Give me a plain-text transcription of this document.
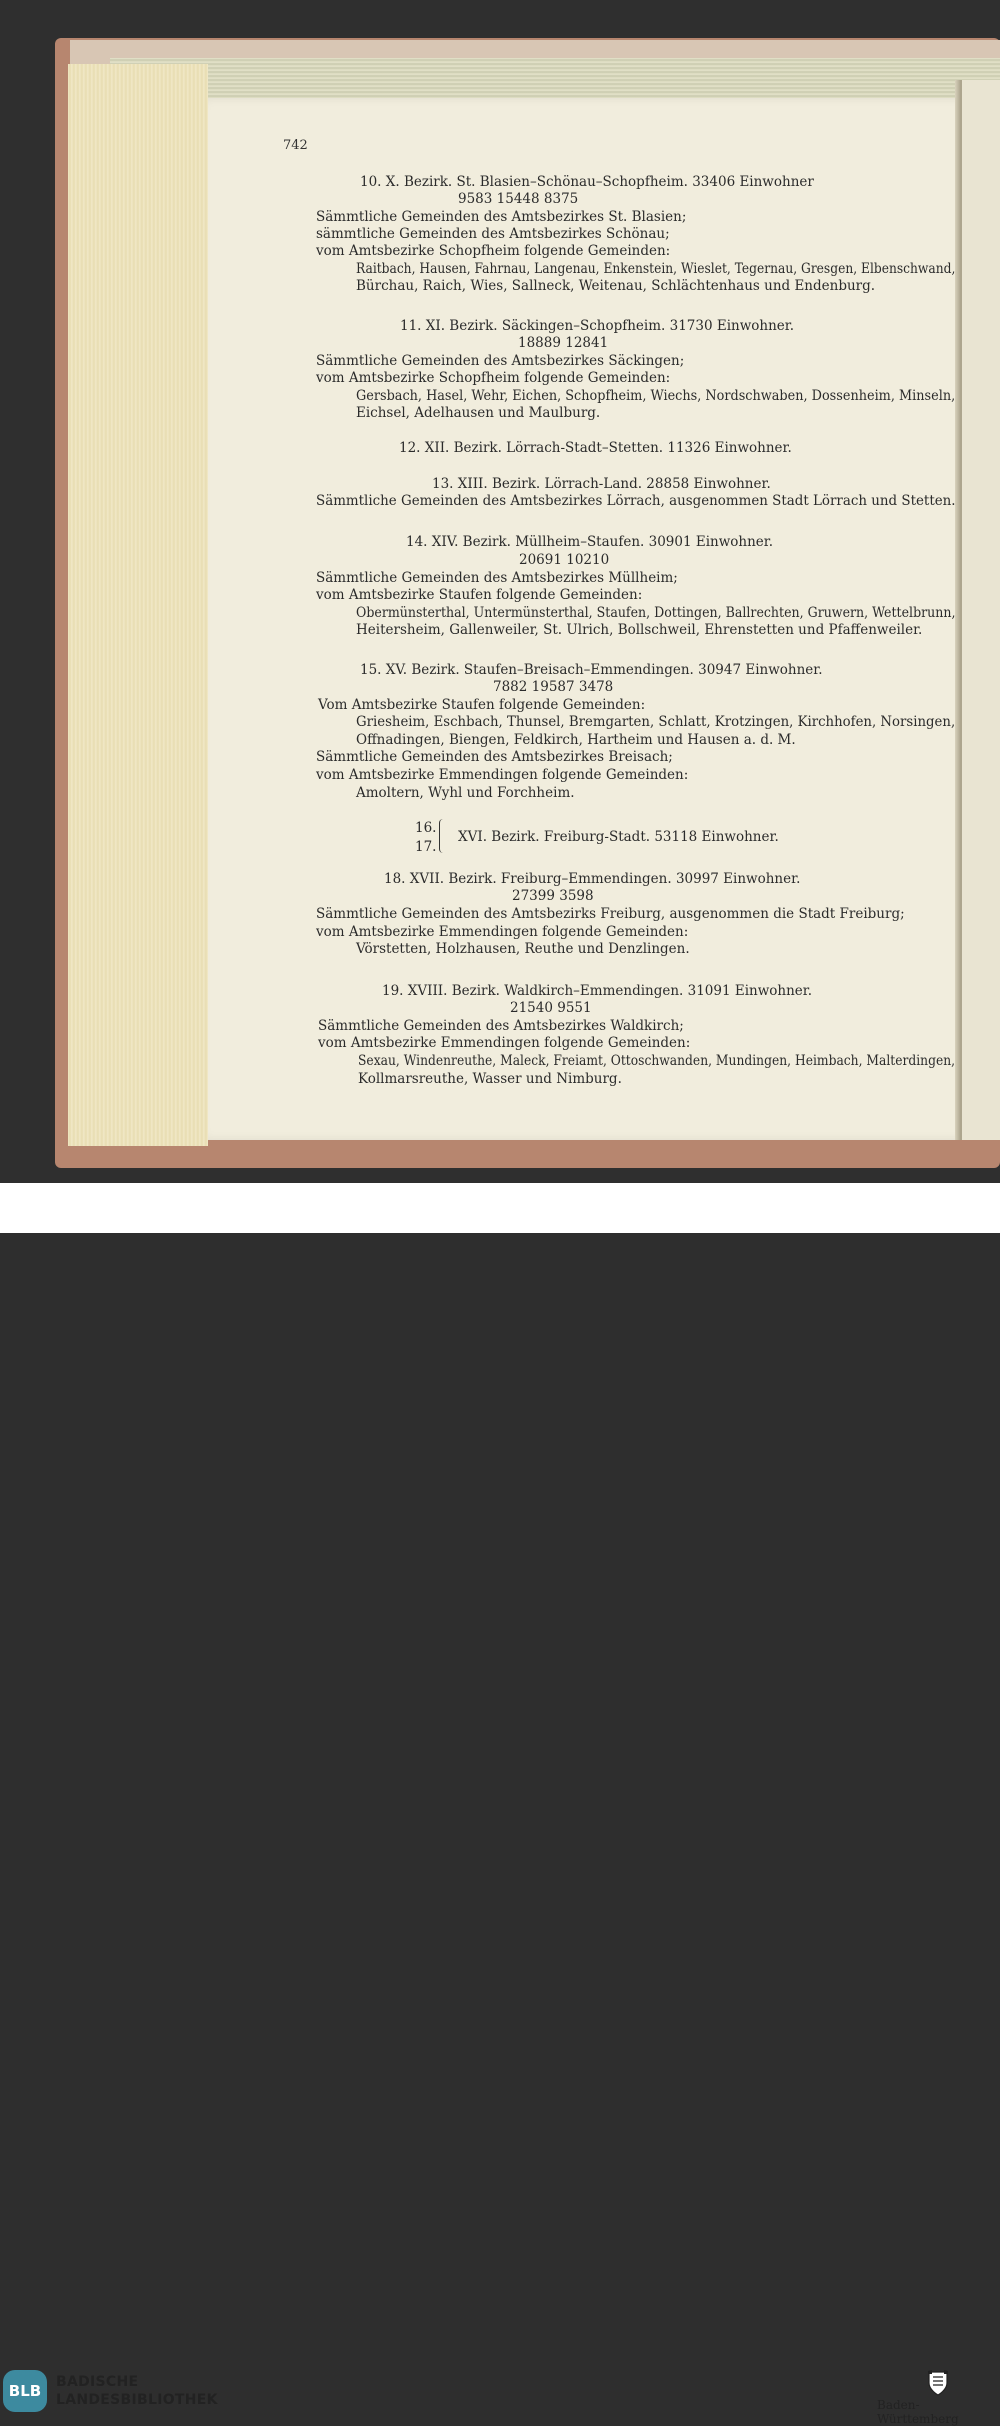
742
10. X. Bezirk. St. Blasien–Schönau–Schopfheim. 33406 Einwohner
9583 15448 8375
Sämmtliche Gemeinden des Amtsbezirkes St. Blasien;
sämmtliche Gemeinden des Amtsbezirkes Schönau;
vom Amtsbezirke Schopfheim folgende Gemeinden:
Raitbach, Hausen, Fahrnau, Langenau, Enkenstein, Wieslet, Tegernau, Gresgen, Elbenschwand,
Bürchau, Raich, Wies, Sallneck, Weitenau, Schlächtenhaus und Endenburg.
11. XI. Bezirk. Säckingen–Schopfheim. 31730 Einwohner.
18889 12841
Sämmtliche Gemeinden des Amtsbezirkes Säckingen;
vom Amtsbezirke Schopfheim folgende Gemeinden:
Gersbach, Hasel, Wehr, Eichen, Schopfheim, Wiechs, Nordschwaben, Dossenheim, Minseln,
Eichsel, Adelhausen und Maulburg.
12. XII. Bezirk. Lörrach-Stadt–Stetten. 11326 Einwohner.
13. XIII. Bezirk. Lörrach-Land. 28858 Einwohner.
Sämmtliche Gemeinden des Amtsbezirkes Lörrach, ausgenommen Stadt Lörrach und Stetten.
14. XIV. Bezirk. Müllheim–Staufen. 30901 Einwohner.
20691 10210
Sämmtliche Gemeinden des Amtsbezirkes Müllheim;
vom Amtsbezirke Staufen folgende Gemeinden:
Obermünsterthal, Untermünsterthal, Staufen, Dottingen, Ballrechten, Gruwern, Wettelbrunn,
Heitersheim, Gallenweiler, St. Ulrich, Bollschweil, Ehrenstetten und Pfaffenweiler.
15. XV. Bezirk. Staufen–Breisach–Emmendingen. 30947 Einwohner.
7882 19587 3478
Vom Amtsbezirke Staufen folgende Gemeinden:
Griesheim, Eschbach, Thunsel, Bremgarten, Schlatt, Krotzingen, Kirchhofen, Norsingen,
Offnadingen, Biengen, Feldkirch, Hartheim und Hausen a. d. M.
Sämmtliche Gemeinden des Amtsbezirkes Breisach;
vom Amtsbezirke Emmendingen folgende Gemeinden:
Amoltern, Wyhl und Forchheim.
16.
17.
XVI. Bezirk. Freiburg-Stadt. 53118 Einwohner.
18. XVII. Bezirk. Freiburg–Emmendingen. 30997 Einwohner.
27399 3598
Sämmtliche Gemeinden des Amtsbezirks Freiburg, ausgenommen die Stadt Freiburg;
vom Amtsbezirke Emmendingen folgende Gemeinden:
Vörstetten, Holzhausen, Reuthe und Denzlingen.
19. XVIII. Bezirk. Waldkirch–Emmendingen. 31091 Einwohner.
21540 9551
Sämmtliche Gemeinden des Amtsbezirkes Waldkirch;
vom Amtsbezirke Emmendingen folgende Gemeinden:
Sexau, Windenreuthe, Maleck, Freiamt, Ottoschwanden, Mundingen, Heimbach, Malterdingen,
Kollmarsreuthe, Wasser und Nimburg.
BLB	BADISCHE
LANDESBIBLIOTHEK	Baden-Württemberg
